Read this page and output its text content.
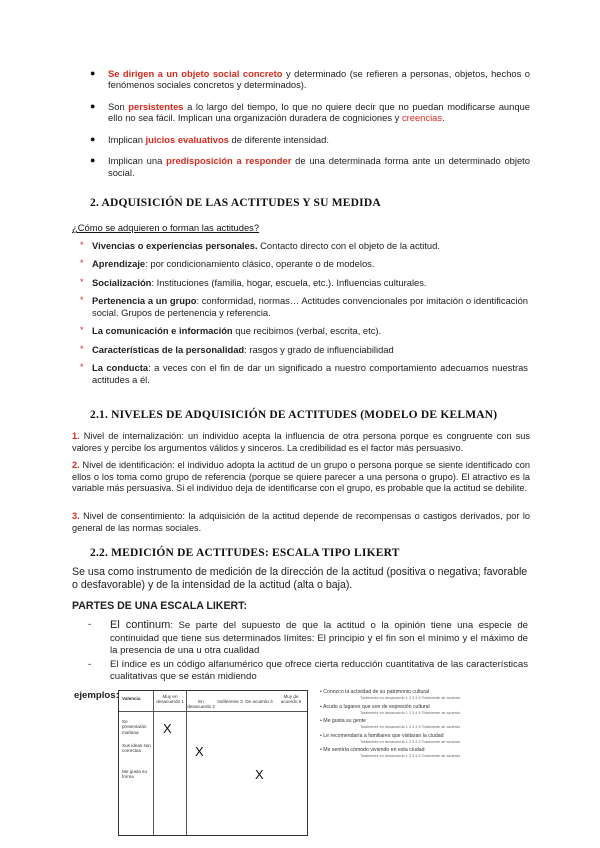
● Se dirigen a un objeto social concreto y determinado (se refieren a personas, objetos, hechos o fenómenos sociales concretos y determinados).
● Son persistentes a lo largo del tiempo, lo que no quiere decir que no puedan modificarse aunque ello no sea fácil. Implican una organización duradera de cogniciones y creencias.
● Implican juicios evaluativos de diferente intensidad.
● Implican una predisposición a responder de una determinada forma ante un determinado objeto social.
2. ADQUISICIÓN DE LAS ACTITUDES Y SU MEDIDA
¿Cómo se adquieren o forman las actitudes?
* Vivencias o experiencias personales. Contacto directo con el objeto de la actitud.
* Aprendizaje: por condicionamiento clásico, operante o de modelos.
* Socialización: Instituciones (familia, hogar, escuela, etc.). Influencias culturales.
* Pertenencia a un grupo: conformidad, normas… Actitudes convencionales por imitación o identificación social. Grupos de pertenencia y referencia.
* La comunicación e información que recibimos (verbal, escrita, etc).
* Características de la personalidad: rasgos y grado de influenciabilidad
* La conducta: a veces con el fin de dar un significado a nuestro comportamiento adecuamos nuestras actitudes a él.
2.1. NIVELES DE ADQUISICIÓN DE ACTITUDES (MODELO DE KELMAN)
1. Nivel de internalización: un individuo acepta la influencia de otra persona porque es congruente con sus valores y percibe los argumentos válidos y sinceros. La credibilidad es el factor más persuasivo.
2. Nivel de identificación: el individuo adopta la actitud de un grupo o persona porque se siente identificado con ellos o los toma como grupo de referencia (porque se quiere parecer a una persona o grupo). El atractivo es la variable más persuasiva. Si el individuo deja de identificarse con el grupo, es probable que la actitud se debilite.
3. Nivel de consentimiento: la adquisición de la actitud depende de recompensas o castigos derivados, por lo general de las normas sociales.
2.2. MEDICIÓN DE ACTITUDES: ESCALA TIPO LIKERT
Se usa como instrumento de medición de la dirección de la actitud (positiva o negativa; favorable o desfavorable) y de la intensidad de la actitud (alta o baja).
PARTES DE UNA ESCALA LIKERT:
- El continum: Se parte del supuesto de que la actitud o la opinión tiene una especie de continuidad que tiene sus determinados límites: El principio y el fin son el mínimo y el máximo de la presencia de una u otra cualidad
- El índice es un código alfanumérico que ofrece cierta reducción cuantitativa de las características cualitativas que se están midiendo
ejemplos: Valencia	Muy en desacuerdo 1	En desacuerdo 2
Indiferente 3 De acuerdo 4
Muy de acuerdo 5
Se presentarán mañana
Sus ideas son correctas
Me gusta su forma
X
X
X
• Conozco la actividad de su patrimonio cultural
Totalmente en desacuerdo 1 2 3 4 5 Totalmente de acuerdo
• Acudo a lugares que son de expresión cultural
Totalmente en desacuerdo 1 2 3 4 5 Totalmente de acuerdo
• Me gusta su gente
Totalmente en desacuerdo 1 2 3 4 5 Totalmente de acuerdo
• Le recomendaría a familiares que visitaran la ciudad
Totalmente en desacuerdo 1 2 3 4 5 Totalmente de acuerdo
• Me sentiría cómodo viviendo en esta ciudad
Totalmente en desacuerdo 1 2 3 4 5 Totalmente de acuerdo
